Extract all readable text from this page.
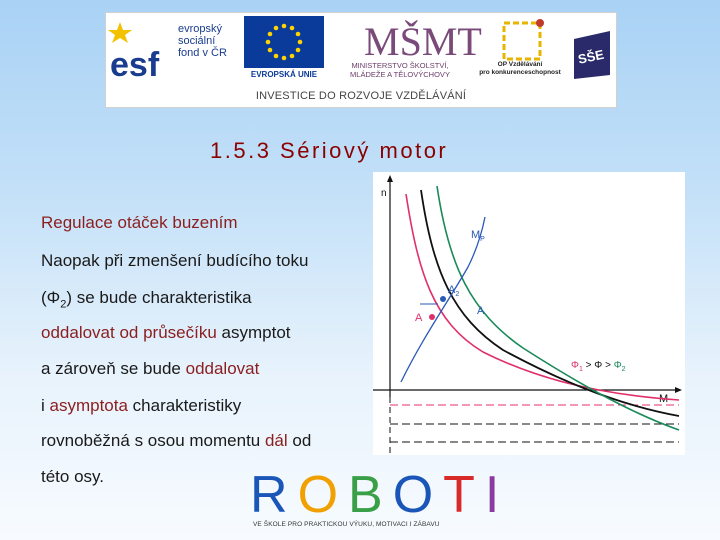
esf
evropský
sociální
fond v ČR
EVROPSKÁ UNIE
MŠMT
MINISTERSTVO ŠKOLSTVÍ,
MLÁDEŽE A TĚLOVÝCHOVY
OP Vzdělávání
pro konkurenceschopnost
SŠE
INVESTICE DO ROZVOJE VZDĚLÁVÁNÍ
1.5.3 Sériový motor
Regulace otáček buzením
Naopak při zmenšení budícího toku
$(\Phi_2)$ se bude charakteristika
oddalovat od průsečíku asymptot
a zároveň se bude oddalovat
i asymptota charakteristiky
rovnoběžná s osou momentu dál od
této osy.
n
M
$M_P$
$A_2$
A
A
$\Phi_1 > \Phi > \Phi_2$
ROBOTI
VE ŠKOLE PRO PRAKTICKOU VÝUKU, MOTIVACI I ZÁBAVU
